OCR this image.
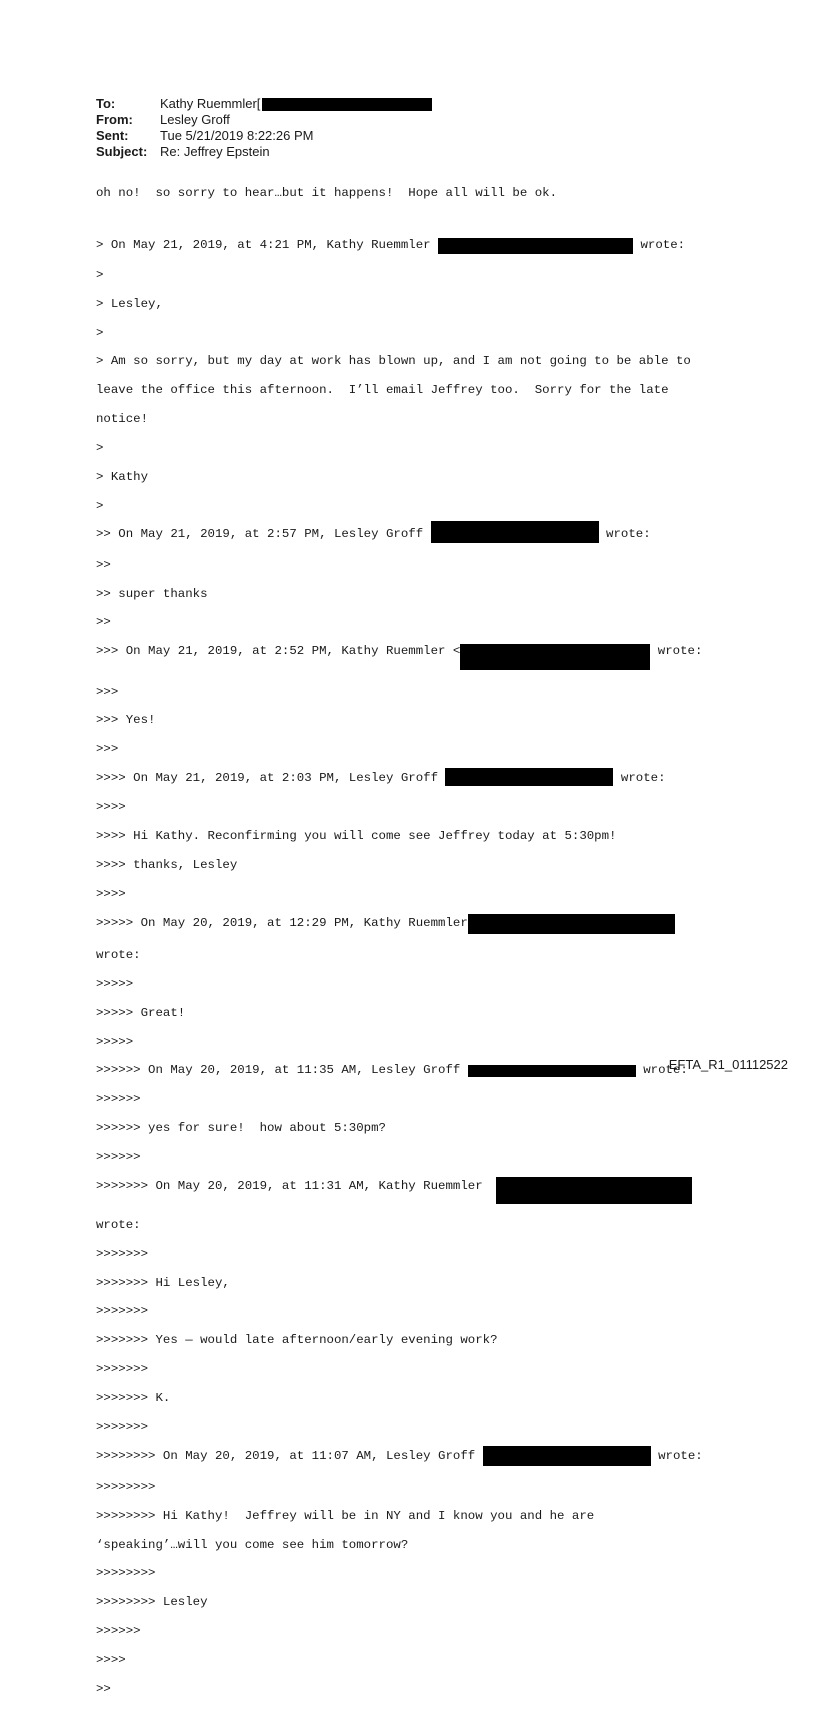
To:	Kathy Ruemmler[
From:	Lesley Groff
Sent:	Tue 5/21/2019 8:22:26 PM
Subject: Re: Jeffrey Epstein

oh no!  so sorry to hear…but it happens!  Hope all will be ok.

> On May 21, 2019, at 4:21 PM, Kathy Ruemmler	wrote:

>

> Lesley,

>

> Am so sorry, but my day at work has blown up, and I am not going to be able to

leave the office this afternoon.  I’ll email Jeffrey too.  Sorry for the late

notice!

>

> Kathy

>

>> On May 21, 2019, at 2:57 PM, Lesley Groff	wrote:

>>

>> super thanks

>>

>>> On May 21, 2019, at 2:52 PM, Kathy Ruemmler <	wrote:

>>>

>>> Yes!

>>>

>>>> On May 21, 2019, at 2:03 PM, Lesley Groff	wrote:

>>>>

>>>> Hi Kathy. Reconfirming you will come see Jeffrey today at 5:30pm!

>>>> thanks, Lesley

>>>>

>>>>> On May 20, 2019, at 12:29 PM, Kathy Ruemmler

wrote:

>>>>>

>>>>> Great!

>>>>>

>>>>>> On May 20, 2019, at 11:35 AM, Lesley Groff	wrote:

>>>>>>

>>>>>> yes for sure!  how about 5:30pm?

>>>>>>

>>>>>>> On May 20, 2019, at 11:31 AM, Kathy Ruemmler

wrote:

>>>>>>>

>>>>>>> Hi Lesley,

>>>>>>>

>>>>>>> Yes — would late afternoon/early evening work?

>>>>>>>

>>>>>>> K.

>>>>>>>

>>>>>>>> On May 20, 2019, at 11:07 AM, Lesley Groff	wrote:

>>>>>>>>

>>>>>>>> Hi Kathy!  Jeffrey will be in NY and I know you and he are

‘speaking’…will you come see him tomorrow?

>>>>>>>>

>>>>>>>> Lesley

>>>>>>

>>>>

>>

EFTA_R1_01112522
